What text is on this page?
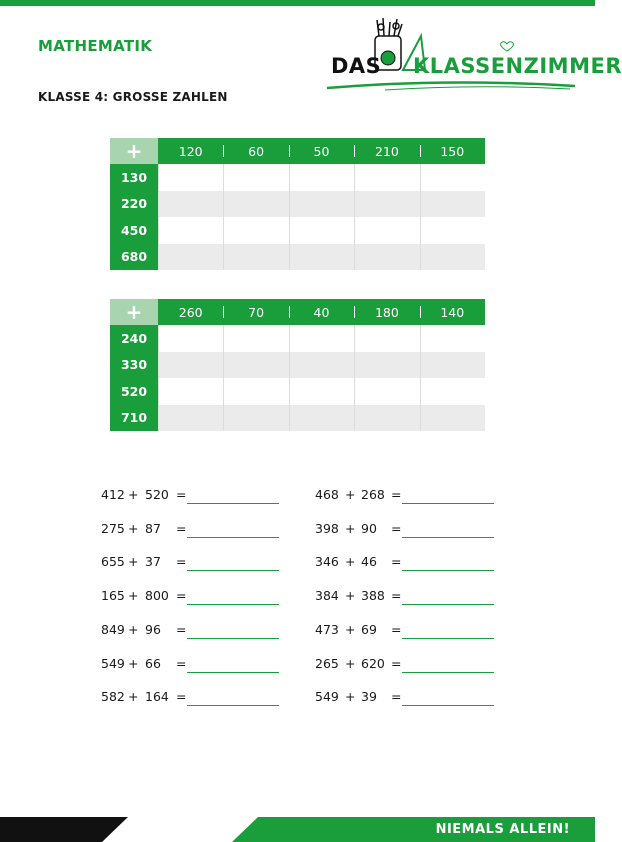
MATHEMATIK
KLASSE 4: GROSSE ZAHLEN
DAS KLASSENZIMMER
+	120	60	50	210	150
130
220
450
680
+	260	70	40	180	140
240
330
520
710
412 + 520 =
275 + 87 =
655 + 37 =
165 + 800 =
849 + 96 =
549 + 66 =
582 + 164 =
468 + 268 =
398 + 90 =
346 + 46 =
384 + 388 =
473 + 69 =
265 + 620 =
549 + 39 =
NIEMALS ALLEIN!
